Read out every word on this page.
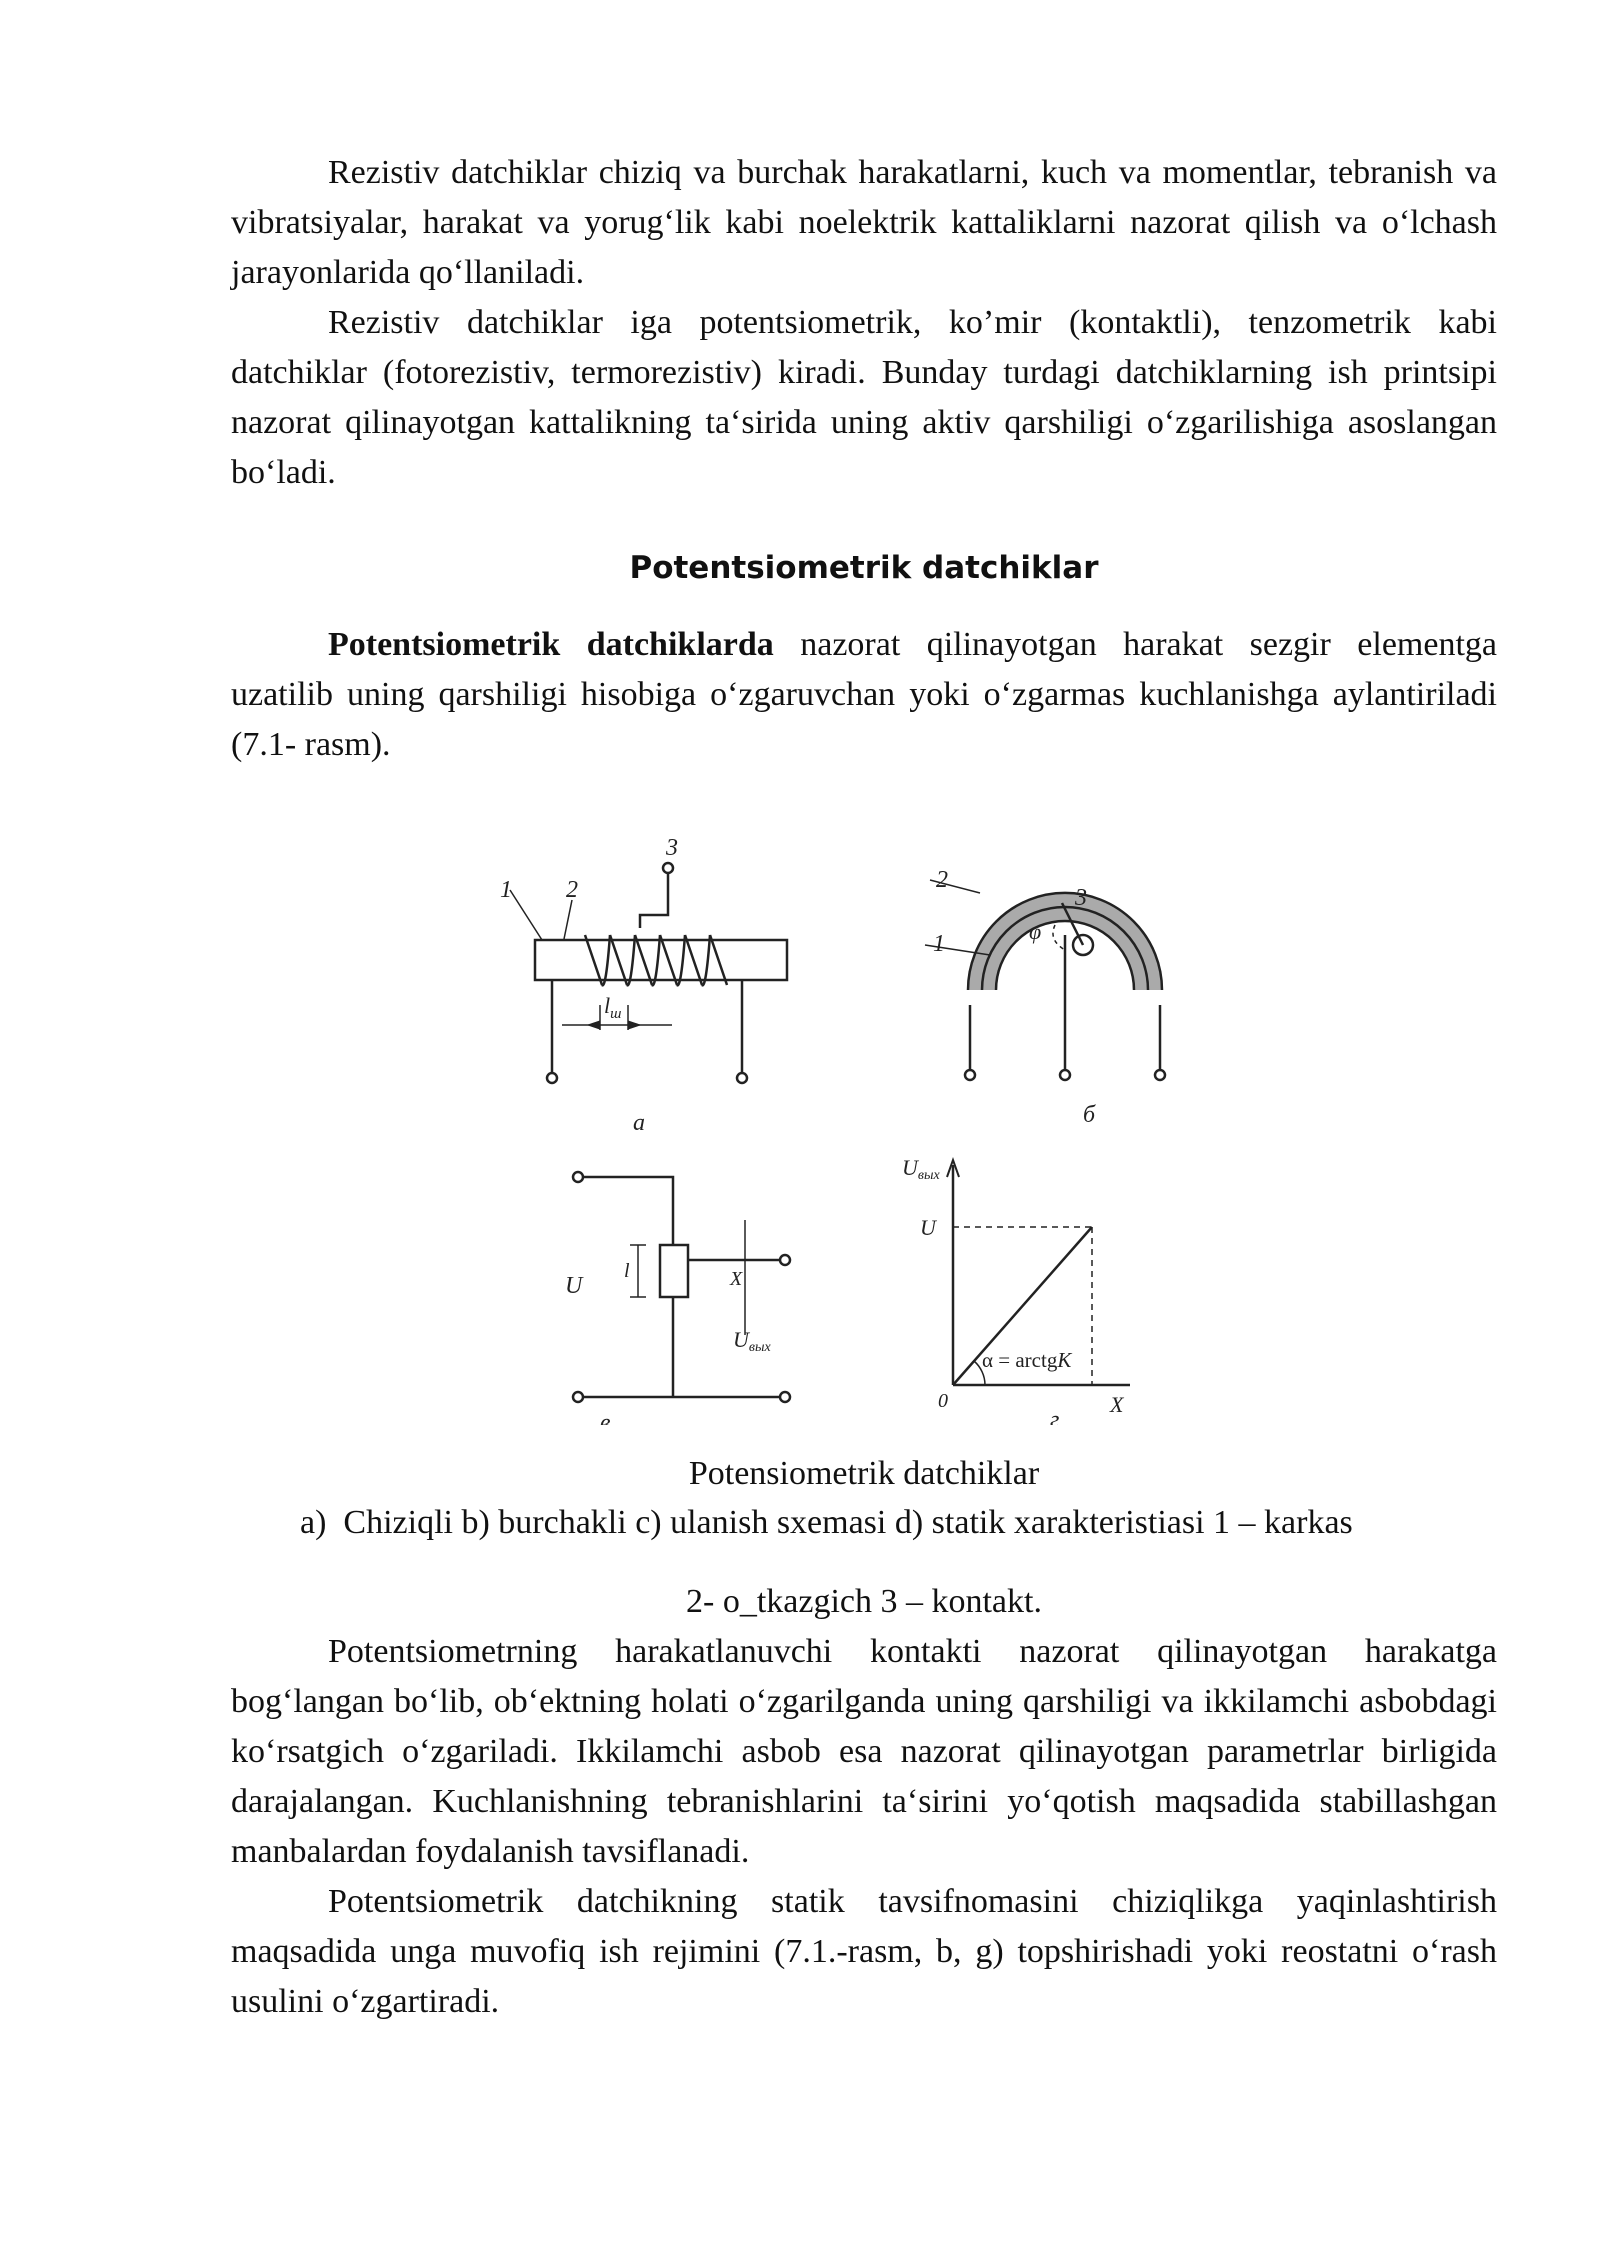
Rezistiv datchiklar chiziq va burchak harakatlarni, kuch va momentlar, tebranish va vibratsiyalar, harakat va yorug‘lik kabi noelektrik kattaliklarni nazorat qilish va o‘lchash jarayonlarida qo‘llaniladi.

Rezistiv datchiklar iga potentsiometrik, ko’mir (kontaktli), tenzometrik kabi datchiklar (fotorezistiv, termorezistiv) kiradi. Bunday turdagi datchiklarning ish printsipi nazorat qilinayotgan kattalikning ta‘sirida uning aktiv qarshiligi o‘zgarilishiga asoslangan bo‘ladi.

Potentsiometrik datchiklar

Potentsiometrik datchiklarda nazorat qilinayotgan harakat sezgir elementga uzatilib uning qarshiligi hisobiga o‘zgaruvchan yoki o‘zgarmas kuchlanishga aylantiriladi (7.1- rasm).

1 2
3
$l_ш$
а
2
1
3
φ
б
U
l	X
Uвых
в
Uвых
U
0	X
α = arctgK
г
Potensiometrik datchiklar
a) Chiziqli b) burchakli c) ulanish sxemasi d) statik xarakteristiasi 1 – karkas
2- o_tkazgich 3 – kontakt.

Potentsiometrning harakatlanuvchi kontakti nazorat qilinayotgan harakatga bog‘langan bo‘lib, ob‘ektning holati o‘zgarilganda uning qarshiligi va ikkilamchi asbobdagi ko‘rsatgich o‘zgariladi. Ikkilamchi asbob esa nazorat qilinayotgan parametrlar birligida darajalangan. Kuchlanishning tebranishlarini ta‘sirini yo‘qotish maqsadida stabillashgan manbalardan foydalanish tavsiflanadi.

Potentsiometrik datchikning statik tavsifnomasini chiziqlikga yaqinlashtirish maqsadida unga muvofiq ish rejimini (7.1.-rasm, b, g) topshirishadi yoki reostatni o‘rash usulini o‘zgartiradi.
